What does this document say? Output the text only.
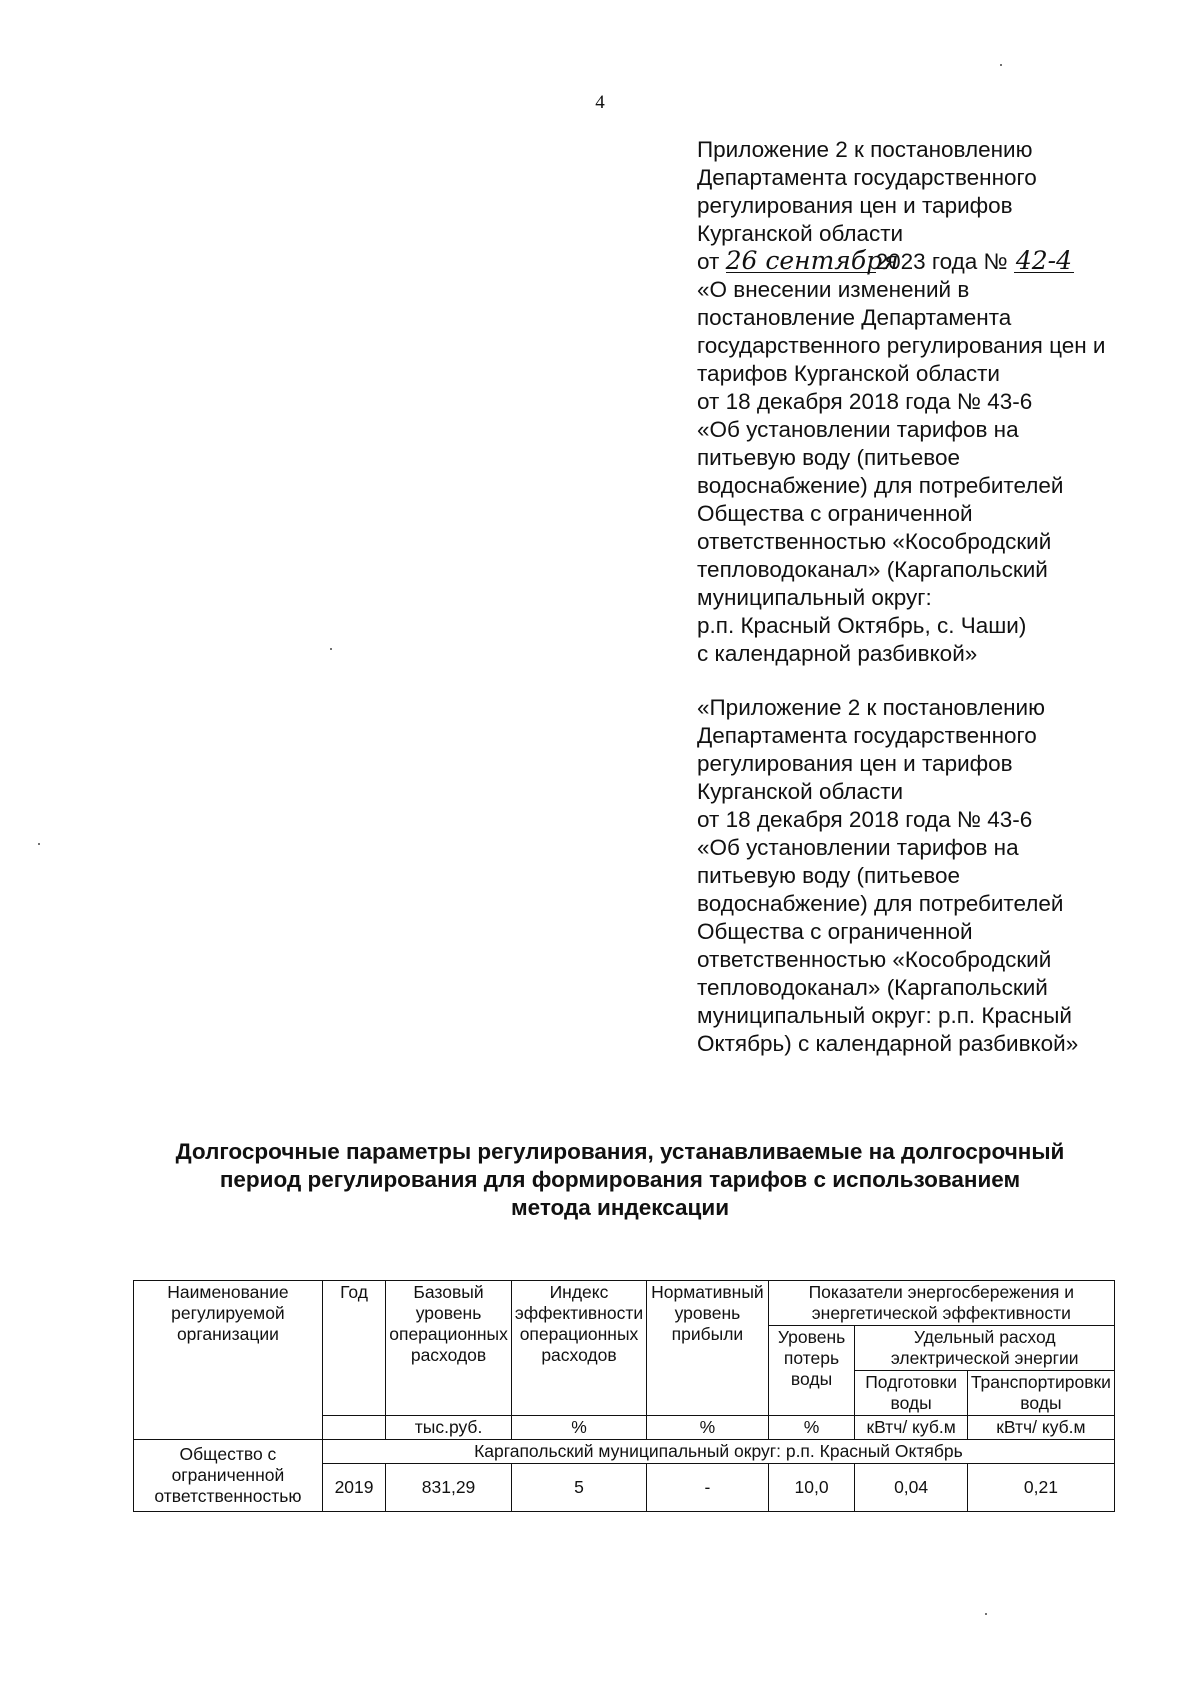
4
Приложение 2 к постановлению
Департамента государственного
регулирования цен и тарифов
Курганской области
от 26 сентября2023 года № 42-4
«О внесении изменений в
постановление Департамента
государственного регулирования цен и
тарифов Курганской области
от 18 декабря 2018 года № 43-6
«Об установлении тарифов на
питьевую воду (питьевое
водоснабжение) для потребителей
Общества с ограниченной
ответственностью «Кособродский
тепловодоканал» (Каргапольский
муниципальный округ:
р.п. Красный Октябрь, с. Чаши)
с календарной разбивкой»
«Приложение 2 к постановлению
Департамента государственного
регулирования цен и тарифов
Курганской области
от 18 декабря 2018 года № 43-6
«Об установлении тарифов на
питьевую воду (питьевое
водоснабжение) для потребителей
Общества с ограниченной
ответственностью «Кособродский
тепловодоканал» (Каргапольский
муниципальный округ: р.п. Красный
Октябрь) с календарной разбивкой»
Долгосрочные параметры регулирования, устанавливаемые на долгосрочный
период регулирования для формирования тарифов с использованием
метода индексации
Наименование регулируемой организации	Год	Базовый уровень операционных расходов	Индекс эффективности операционных расходов	Нормативный уровень прибыли	Показатели энергосбережения и энергетической эффективности		
					Уровень потерь воды	Удельный расход электрической энергии	
						Подготовки воды	Транспортировки воды
		тыс.руб.	%	%	%	кВтч/ куб.м	кВтч/ куб.м
Общество с ограниченной ответственностью	Каргапольский муниципальный округ: р.п. Красный Октябрь						
	2019	831,29	5	-	10,0	0,04	0,21
